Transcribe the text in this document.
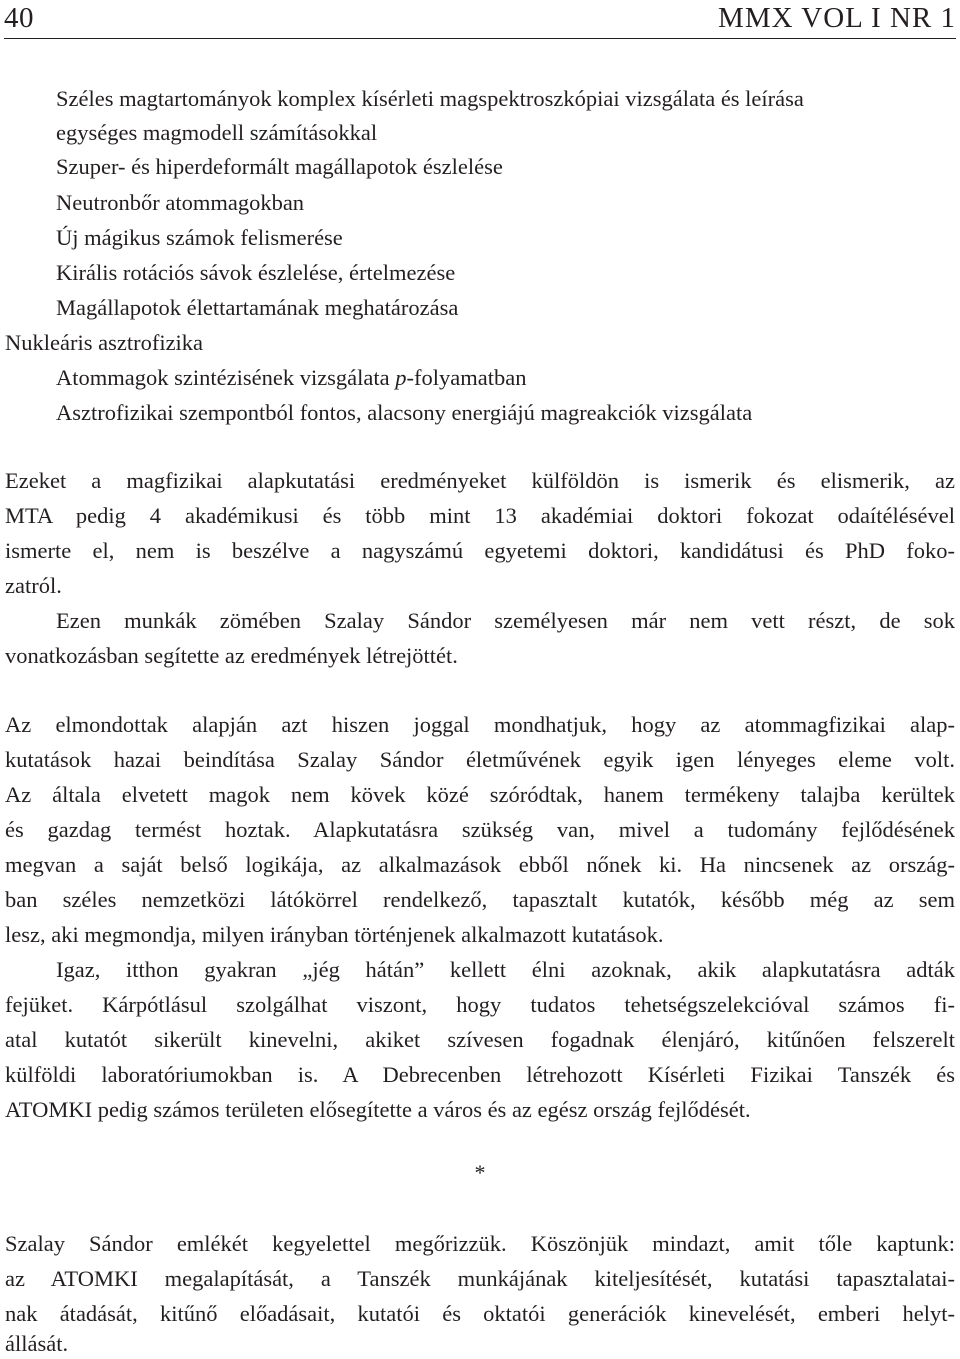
40	MMX VOL I NR 1

Széles magtartományok komplex kísérleti magspektroszkópiai vizsgálata és leírása

egységes magmodell számításokkal

Szuper- és hiperdeformált magállapotok észlelése

Neutronbőr atommagokban

Új mágikus számok felismerése

Királis rotációs sávok észlelése, értelmezése

Magállapotok élettartamának meghatározása

Nukleáris asztrofizika

Atommagok szintézisének vizsgálata p-folyamatban

Asztrofizikai szempontból fontos, alacsony energiájú magreakciók vizsgálata

Ezeket a magfizikai alapkutatási eredményeket külföldön is ismerik és elismerik, az

MTA pedig 4 akadémikusi és több mint 13 akadémiai doktori fokozat odaítélésével

ismerte el, nem is beszélve a nagyszámú egyetemi doktori, kandidátusi és PhD foko-

zatról.

Ezen munkák zömében Szalay Sándor személyesen már nem vett részt, de sok

vonatkozásban segítette az eredmények létrejöttét.

Az elmondottak alapján azt hiszen joggal mondhatjuk, hogy az atommagfizikai alap-

kutatások hazai beindítása Szalay Sándor életművének egyik igen lényeges eleme volt.

Az általa elvetett magok nem kövek közé szóródtak, hanem termékeny talajba kerültek

és gazdag termést hoztak. Alapkutatásra szükség van, mivel a tudomány fejlődésének

megvan a saját belső logikája, az alkalmazások ebből nőnek ki. Ha nincsenek az ország-

ban széles nemzetközi látókörrel rendelkező, tapasztalt kutatók, később még az sem

lesz, aki megmondja, milyen irányban történjenek alkalmazott kutatások.

Igaz, itthon gyakran „jég hátán” kellett élni azoknak, akik alapkutatásra adták

fejüket. Kárpótlásul szolgálhat viszont, hogy tudatos tehetségszelekcióval számos fi-

atal kutatót sikerült kinevelni, akiket szívesen fogadnak élenjáró, kitűnően felszerelt

külföldi laboratóriumokban is. A Debrecenben létrehozott Kísérleti Fizikai Tanszék és

ATOMKI pedig számos területen elősegítette a város és az egész ország fejlődését.

*

Szalay Sándor emlékét kegyelettel megőrizzük. Köszönjük mindazt, amit tőle kaptunk:

az ATOMKI megalapítását, a Tanszék munkájának kiteljesítését, kutatási tapasztalatai-

nak átadását, kitűnő előadásait, kutatói és oktatói generációk kinevelését, emberi helyt-

állását.
